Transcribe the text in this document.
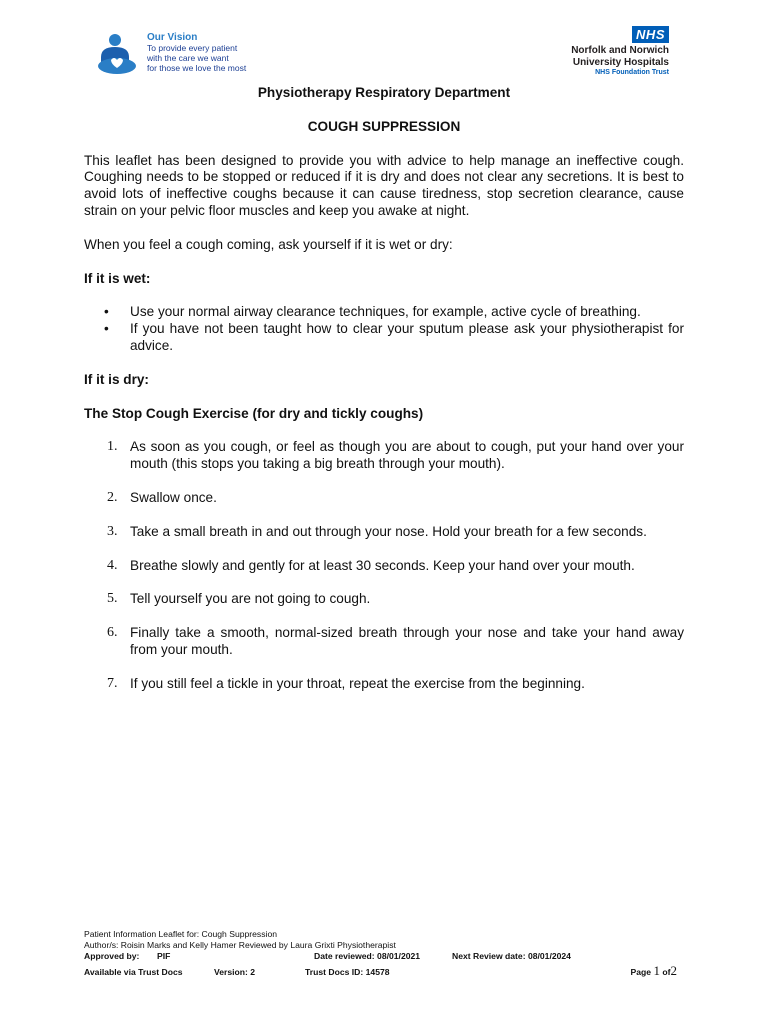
Our Vision
To provide every patient
with the care we want
for those we love the most
NHS
Norfolk and Norwich
University Hospitals
NHS Foundation Trust

Physiotherapy Respiratory Department

COUGH SUPPRESSION

This leaflet has been designed to provide you with advice to help manage an ineffective cough. Coughing needs to be stopped or reduced if it is dry and does not clear any secretions. It is best to avoid lots of ineffective coughs because it can cause tiredness, stop secretion clearance, cause strain on your pelvic floor muscles and keep you awake at night.

When you feel a cough coming, ask yourself if it is wet or dry:

If it is wet:

• Use your normal airway clearance techniques, for example, active cycle of breathing.
• If you have not been taught how to clear your sputum please ask your physiotherapist for advice.

If it is dry:

The Stop Cough Exercise (for dry and tickly coughs)

1. As soon as you cough, or feel as though you are about to cough, put your hand over your mouth (this stops you taking a big breath through your mouth).
2. Swallow once.
3. Take a small breath in and out through your nose. Hold your breath for a few seconds.
4. Breathe slowly and gently for at least 30 seconds. Keep your hand over your mouth.
5. Tell yourself you are not going to cough.
6. Finally take a smooth, normal-sized breath through your nose and take your hand away from your mouth.
7. If you still feel a tickle in your throat, repeat the exercise from the beginning.
Patient Information Leaflet for: Cough Suppression
Author/s: Roisin Marks and Kelly Hamer Reviewed by Laura Grixti Physiotherapist
Approved by: PIF	Date reviewed: 08/01/2021	Next Review date: 08/01/2024
Available via Trust Docs	Version: 2	Trust Docs ID: 14578	Page 1 of2
